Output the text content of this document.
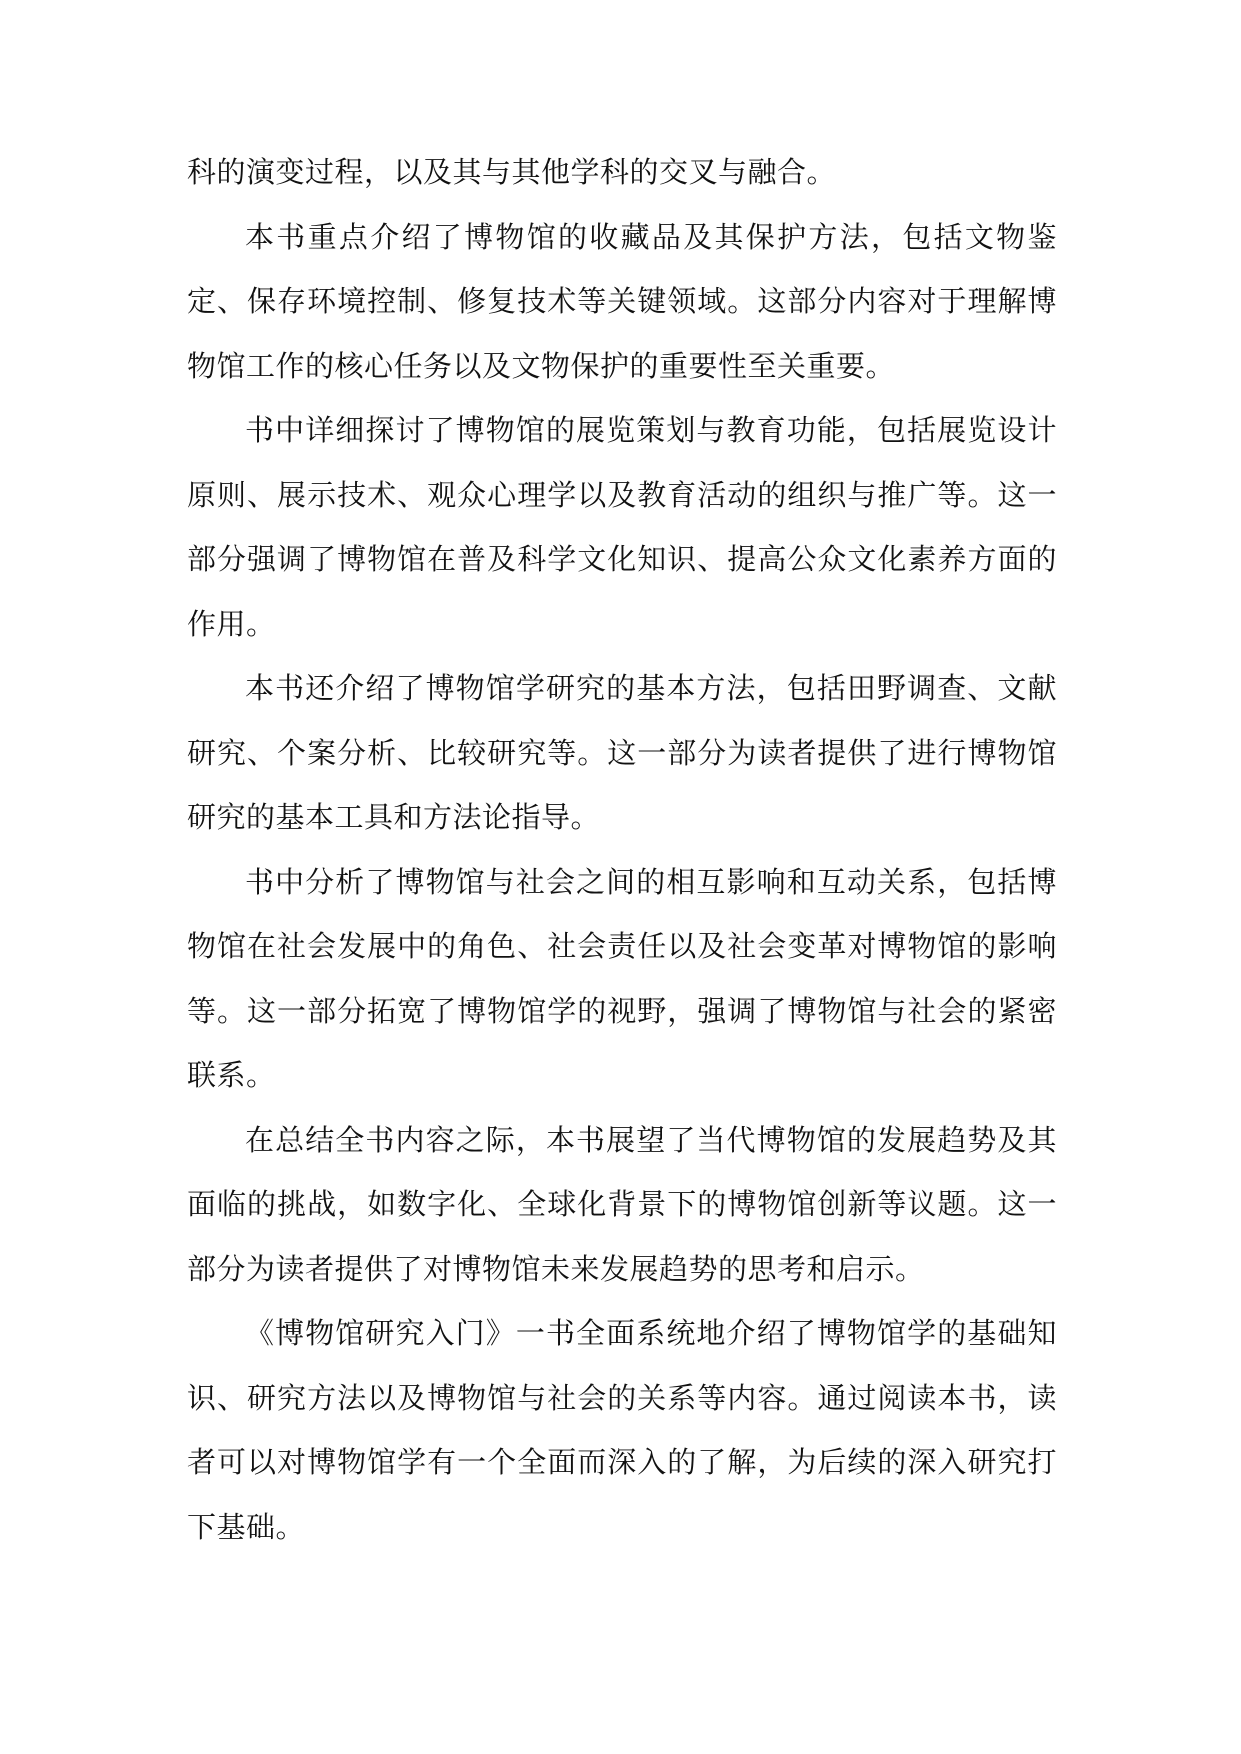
科的演变过程，以及其与其他学科的交叉与融合。

本书重点介绍了博物馆的收藏品及其保护方法，包括文物鉴定、保存环境控制、修复技术等关键领域。这部分内容对于理解博物馆工作的核心任务以及文物保护的重要性至关重要。

书中详细探讨了博物馆的展览策划与教育功能，包括展览设计原则、展示技术、观众心理学以及教育活动的组织与推广等。这一部分强调了博物馆在普及科学文化知识、提高公众文化素养方面的作用。

本书还介绍了博物馆学研究的基本方法，包括田野调查、文献研究、个案分析、比较研究等。这一部分为读者提供了进行博物馆研究的基本工具和方法论指导。

书中分析了博物馆与社会之间的相互影响和互动关系，包括博物馆在社会发展中的角色、社会责任以及社会变革对博物馆的影响等。这一部分拓宽了博物馆学的视野，强调了博物馆与社会的紧密联系。

在总结全书内容之际，本书展望了当代博物馆的发展趋势及其面临的挑战，如数字化、全球化背景下的博物馆创新等议题。这一部分为读者提供了对博物馆未来发展趋势的思考和启示。

《博物馆研究入门》一书全面系统地介绍了博物馆学的基础知识、研究方法以及博物馆与社会的关系等内容。通过阅读本书，读者可以对博物馆学有一个全面而深入的了解，为后续的深入研究打下基础。
